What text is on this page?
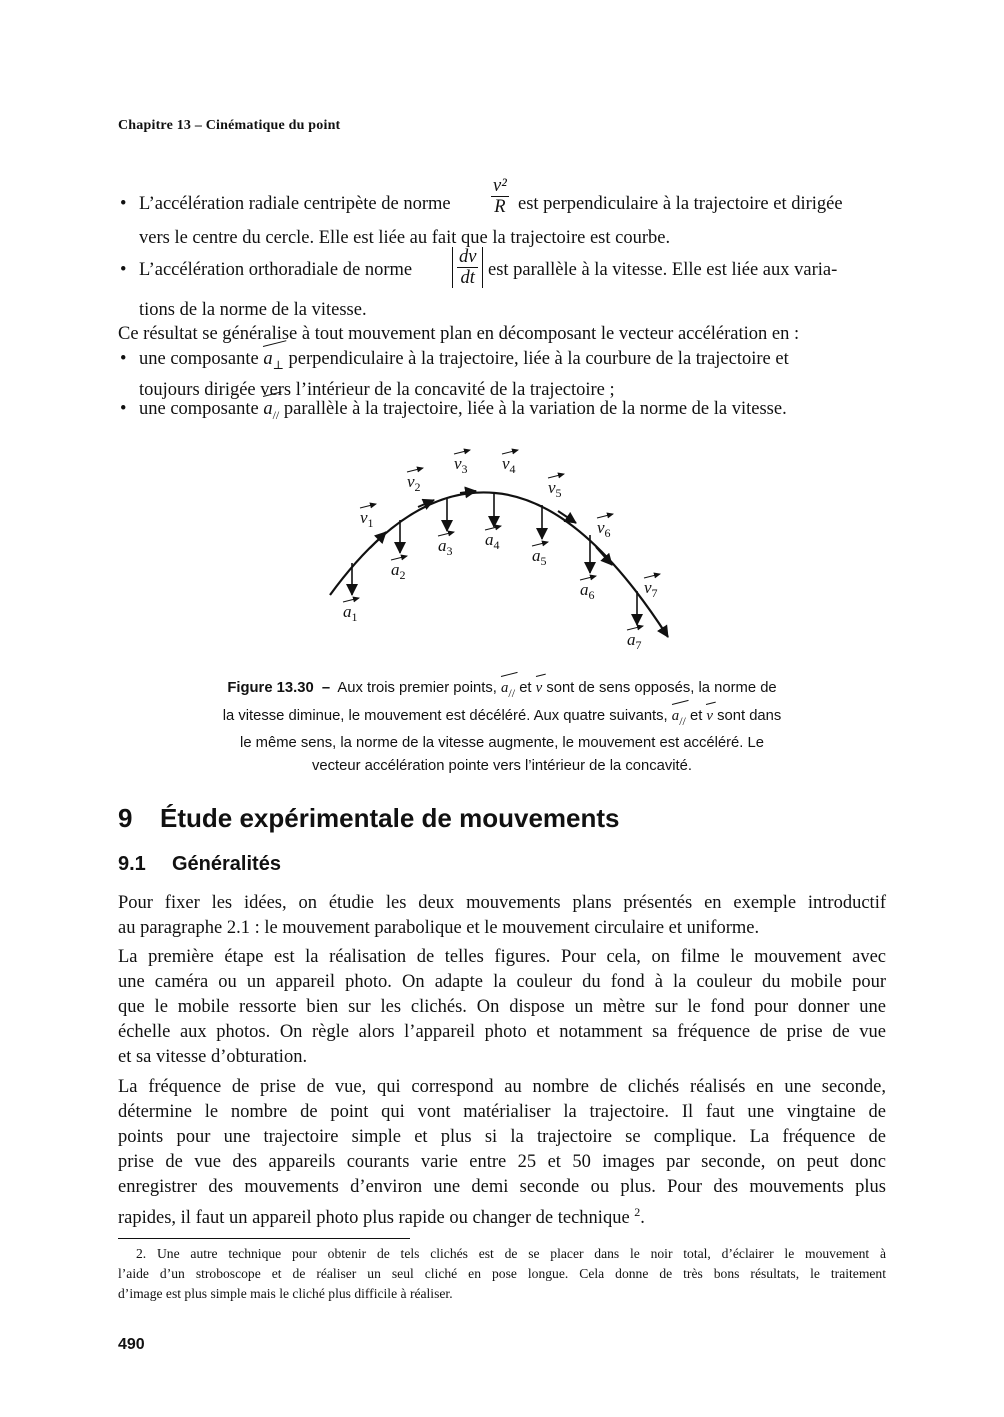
Chapitre 13 – Cinématique du point
• L’accélération radiale centripète de norme $\frac{\text{v²}}{R}$ est perpendiculaire à la trajectoire et dirigée
vers le centre du cercle. Elle est liée au fait que la trajectoire est courbe.
• L’accélération orthoradiale de norme $\frac{dv}{dt}$ est parallèle à la vitesse. Elle est liée aux varia-
tions de la norme de la vitesse.
Ce résultat se généralise à tout mouvement plan en décomposant le vecteur accélération en :
• une composante $a_\perp$ perpendiculaire à la trajectoire, liée à la courbure de la trajectoire et
toujours dirigée vers l’intérieur de la concavité de la trajectoire ;
• une composante $a_{//}$ parallèle à la trajectoire, liée à la variation de la norme de la vitesse.
$v_1$
$v_2$
$v_3$ $v_4$
$v_5$
$v_6$
$v_7$
$a_1$
$a_2$
$a_3$
$a_4$
$a_5$
$a_6$
$a_7$
Figure 13.30 – Aux trois premier points, $a_{//}$ et v sont de sens opposés, la norme de
la vitesse diminue, le mouvement est décéléré. Aux quatre suivants, $a_{//}$ et v sont dans
le même sens, la norme de la vitesse augmente, le mouvement est accéléré. Le
vecteur accélération pointe vers l’intérieur de la concavité.
9 Étude expérimentale de mouvements
9.1 Généralités
Pour fixer les idées, on étudie les deux mouvements plans présentés en exemple introductif
au paragraphe 2.1 : le mouvement parabolique et le mouvement circulaire et uniforme.
La première étape est la réalisation de telles figures. Pour cela, on filme le mouvement avec
une caméra ou un appareil photo. On adapte la couleur du fond à la couleur du mobile pour
que le mobile ressorte bien sur les clichés. On dispose un mètre sur le fond pour donner une
échelle aux photos. On règle alors l’appareil photo et notamment sa fréquence de prise de vue
et sa vitesse d’obturation.
La fréquence de prise de vue, qui correspond au nombre de clichés réalisés en une seconde,
détermine le nombre de point qui vont matérialiser la trajectoire. Il faut une vingtaine de
points pour une trajectoire simple et plus si la trajectoire se complique. La fréquence de
prise de vue des appareils courants varie entre 25 et 50 images par seconde, on peut donc
enregistrer des mouvements d’environ une demi seconde ou plus. Pour des mouvements plus
rapides, il faut un appareil photo plus rapide ou changer de technique $^2$.
2. Une autre technique pour obtenir de tels clichés est de se placer dans le noir total, d’éclairer le mouvement à
l’aide d’un stroboscope et de réaliser un seul cliché en pose longue. Cela donne de très bons résultats, le traitement
d’image est plus simple mais le cliché plus difficile à réaliser.
490
